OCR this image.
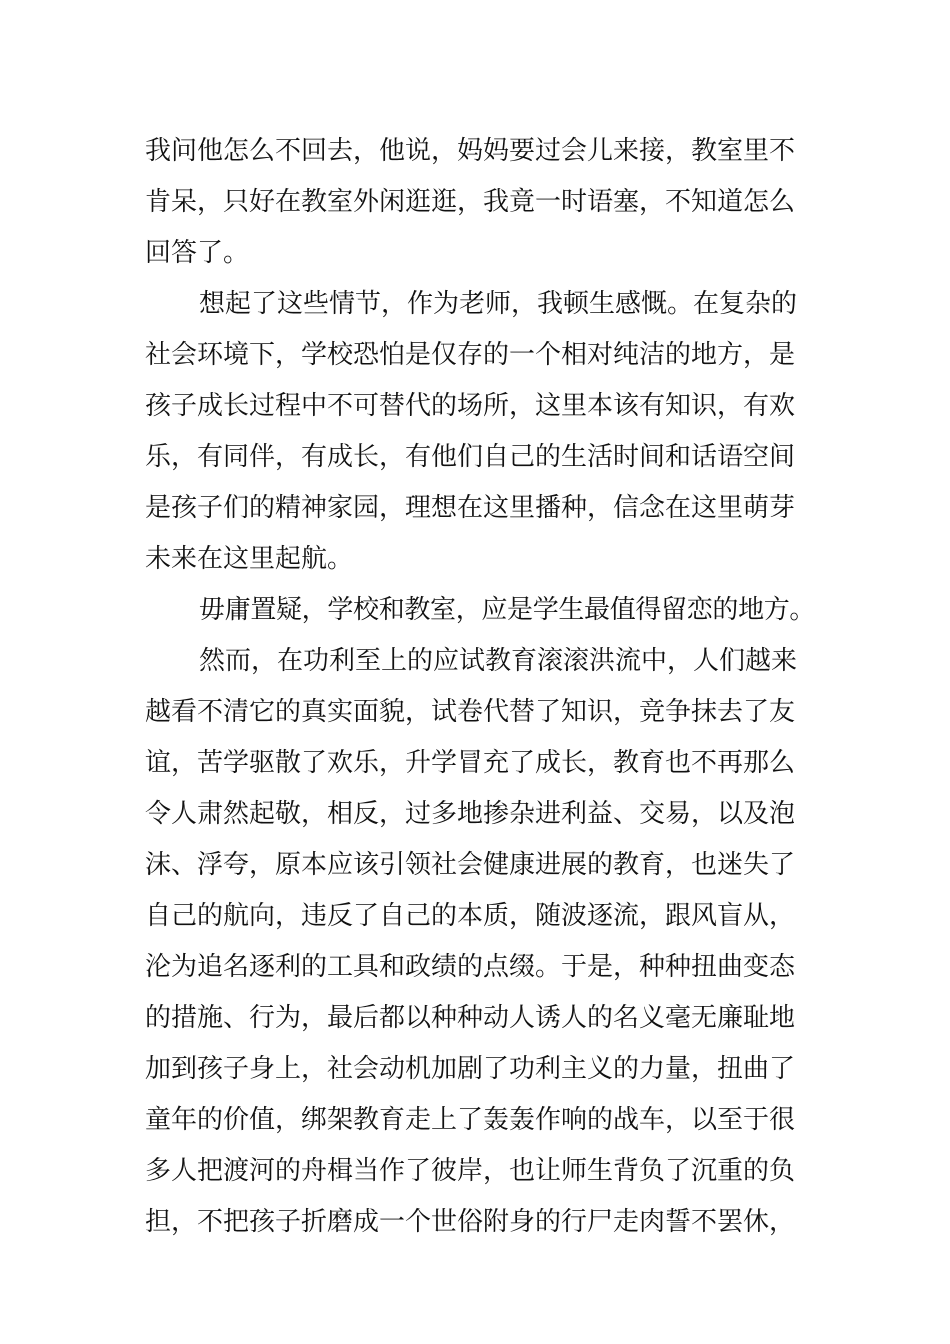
我问他怎么不回去，他说，妈妈要过会儿来接，教室里不
肯呆，只好在教室外闲逛逛，我竟一时语塞，不知道怎么
回答了。
想起了这些情节，作为老师，我顿生感慨。在复杂的
社会环境下，学校恐怕是仅存的一个相对纯洁的地方，是
孩子成长过程中不可替代的场所，这里本该有知识，有欢
乐，有同伴，有成长，有他们自己的生活时间和话语空间
是孩子们的精神家园，理想在这里播种，信念在这里萌芽
未来在这里起航。
毋庸置疑，学校和教室，应是学生最值得留恋的地方。
然而，在功利至上的应试教育滚滚洪流中，人们越来
越看不清它的真实面貌，试卷代替了知识，竞争抹去了友
谊，苦学驱散了欢乐，升学冒充了成长，教育也不再那么
令人肃然起敬，相反，过多地掺杂进利益、交易，以及泡
沫、浮夸，原本应该引领社会健康进展的教育，也迷失了
自己的航向，违反了自己的本质，随波逐流，跟风盲从，
沦为追名逐利的工具和政绩的点缀。于是，种种扭曲变态
的措施、行为，最后都以种种动人诱人的名义毫无廉耻地
加到孩子身上，社会动机加剧了功利主义的力量，扭曲了
童年的价值，绑架教育走上了轰轰作响的战车，以至于很
多人把渡河的舟楫当作了彼岸，也让师生背负了沉重的负
担，不把孩子折磨成一个世俗附身的行尸走肉誓不罢休，
